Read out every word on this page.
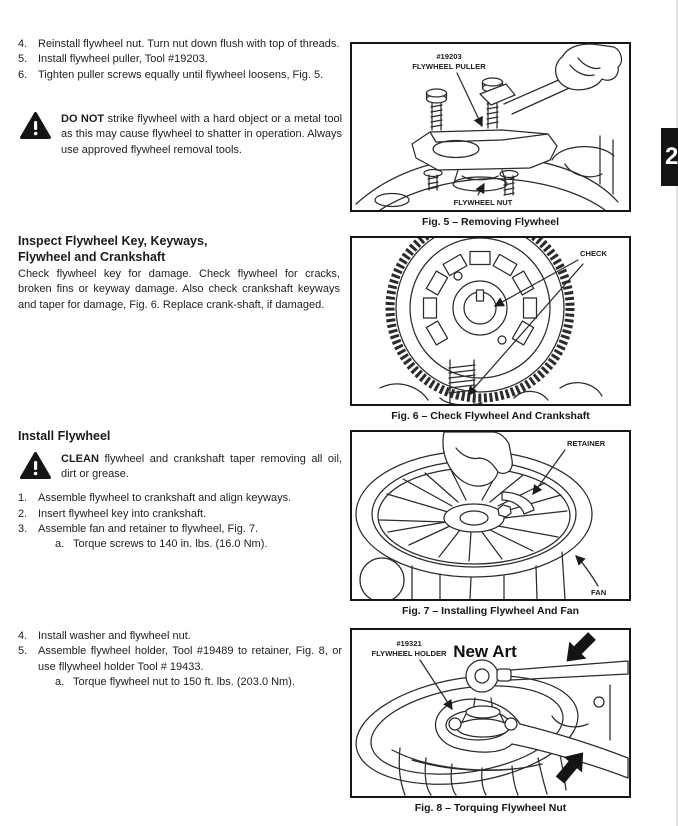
4. Reinstall flywheel nut. Turn nut down flush with top of threads.
5. Install flywheel puller, Tool #19203.
6. Tighten puller screws equally until flywheel loosens, Fig. 5.
DO NOT strike flywheel with a hard object or a metal tool as this may cause flywheel to shatter in operation. Always use approved flywheel removal tools.
Inspect Flywheel Key, Keyways,
Flywheel and Crankshaft
Check flywheel key for damage. Check flywheel for cracks, broken fins or keyway damage. Also check crankshaft keyways and taper for damage, Fig. 6. Replace crank-shaft, if damaged.
Install Flywheel
CLEAN flywheel and crankshaft taper removing all oil, dirt or grease.
1. Assemble flywheel to crankshaft and align keyways.
2. Insert flywheel key into crankshaft.
3. Assemble fan and retainer to flywheel, Fig. 7.
a. Torque screws to 140 in. lbs. (16.0 Nm).
4. Install washer and flywheel nut.
5. Assemble flywheel holder, Tool #19489 to retainer, Fig. 8, or use fllywheel holder Tool # 19433.
a. Torque flywheel nut to 150 ft. lbs. (203.0 Nm).
#19203
FLYWHEEL PULLER
FLYWHEEL NUT
Fig. 5 – Removing Flywheel
CHECK
Fig. 6 – Check Flywheel And Crankshaft
RETAINER
FAN
Fig. 7 – Installing Flywheel And Fan
New Art
#19321
FLYWHEEL HOLDER
Fig. 8 – Torquing Flywheel Nut
2
